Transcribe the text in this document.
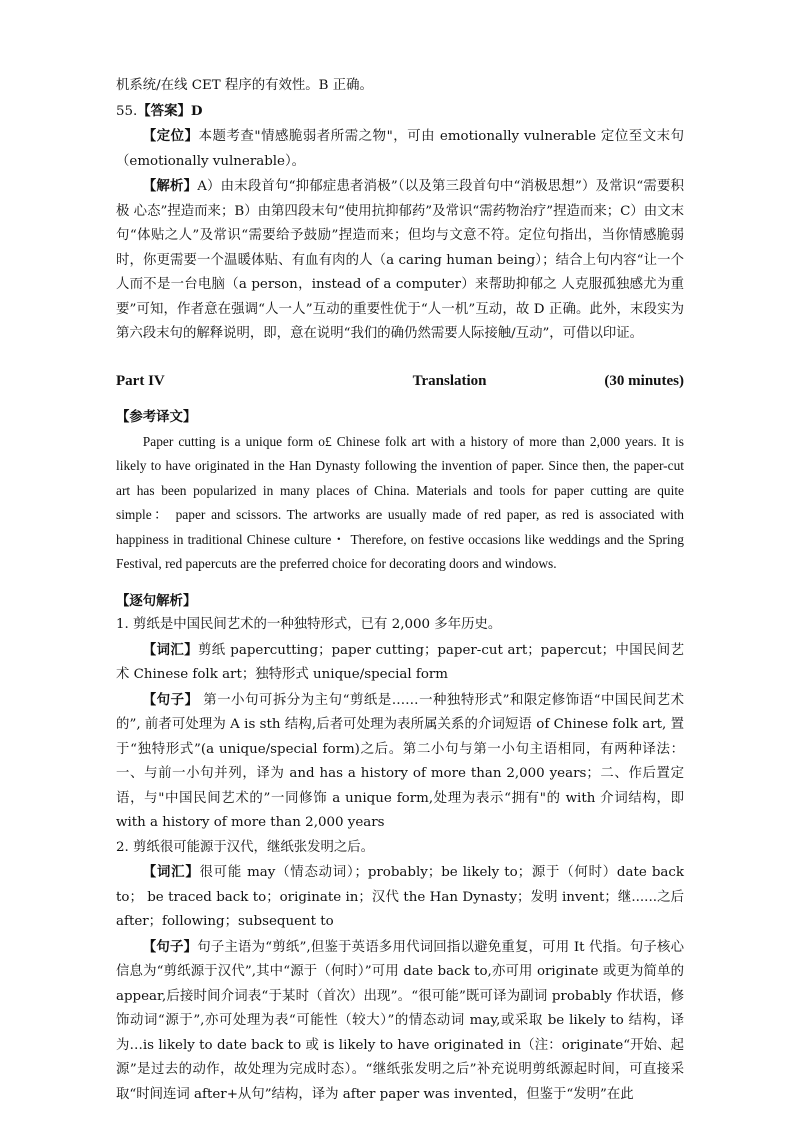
机系统/在线 CET 程序的有效性。B 正确。

55.【答案】D

【定位】本题考查"情感脆弱者所需之物"，可由 emotionally vulnerable 定位至文末句（emotionally vulnerable）。

【解析】A）由末段首句“抑郁症患者消极”（以及第三段首句中“消极思想”）及常识“需要积极 心态”捏造而来；B）由第四段末句“使用抗抑郁药”及常识“需药物治疗”捏造而来；C）由文末句“体贴之人”及常识“需要给予鼓励”捏造而来；但均与文意不符。定位句指出，当你情感脆弱时，你更需要一个温暖体贴、有血有肉的人（a caring human being）；结合上句内容“让一个人而不是一台电脑（a person，instead of a computer）来帮助抑郁之 人克服孤独感尤为重要”可知，作者意在强调“人一人”互动的重要性优于“人一机”互动，故 D 正确。此外，末段实为第六段末句的解释说明，即，意在说明“我们的确仍然需要人际接触/互动”，可借以印证。

Part IV	Translation	(30 minutes)

【参考译文】

Paper cutting is a unique form o£ Chinese folk art with a history of more than 2,000 years. It is likely to have originated in the Han Dynasty following the invention of paper. Since then, the paper-cut art has been popularized in many places of China. Materials and tools for paper cutting are quite simple： paper and scissors. The artworks are usually made of red paper, as red is associated with happiness in traditional Chinese culture・ Therefore, on festive occasions like weddings and the Spring Festival, red papercuts are the preferred choice for decorating doors and windows.

【逐句解析】

1. 剪纸是中国民间艺术的一种独特形式，已有 2,000 多年历史。

【词汇】剪纸 papercutting；paper cutting；paper-cut art；papercut；中国民间艺术 Chinese folk art；独特形式 unique/special form

【句子】 第一小句可拆分为主句“剪纸是……一种独特形式”和限定修饰语“中国民间艺术的”, 前者可处理为 A is sth 结构,后者可处理为表所属关系的介词短语 of Chinese folk art, 置于“独特形式”(a unique/special form)之后。第二小句与第一小句主语相同，有两种译法：一、与前一小句并列，译为 and has a history of more than 2,000 years；二、作后置定语，与"中国民间艺术的”一同修饰 a unique form,处理为表示“拥有"的 with 介词结构，即 with a history of more than 2,000 years

2. 剪纸很可能源于汉代，继纸张发明之后。

【词汇】很可能 may（情态动词）；probably；be likely to；源于（何时）date back to； be traced back to；originate in；汉代 the Han Dynasty；发明 invent；继......之后 after；following；subsequent to

【句子】句子主语为“剪纸”,但鉴于英语多用代词回指以避免重复，可用 It 代指。句子核心信息为“剪纸源于汉代”,其中“源于（何时）”可用 date back to,亦可用 originate 或更为简单的 appear,后接时间介词表“于某时（首次）出现”。“很可能”既可译为副词 probably 作状语，修饰动词“源于”,亦可处理为表“可能性（较大）”的情态动词 may,或采取 be likely to 结构，译为…is likely to date back to 或 is likely to have originated in（注：originate“开始、起源”是过去的动作，故处理为完成时态）。“继纸张发明之后”补充说明剪纸源起时间，可直接采取“时间连词 after+从句”结构，译为 after paper was invented，但鉴于“发明”在此
